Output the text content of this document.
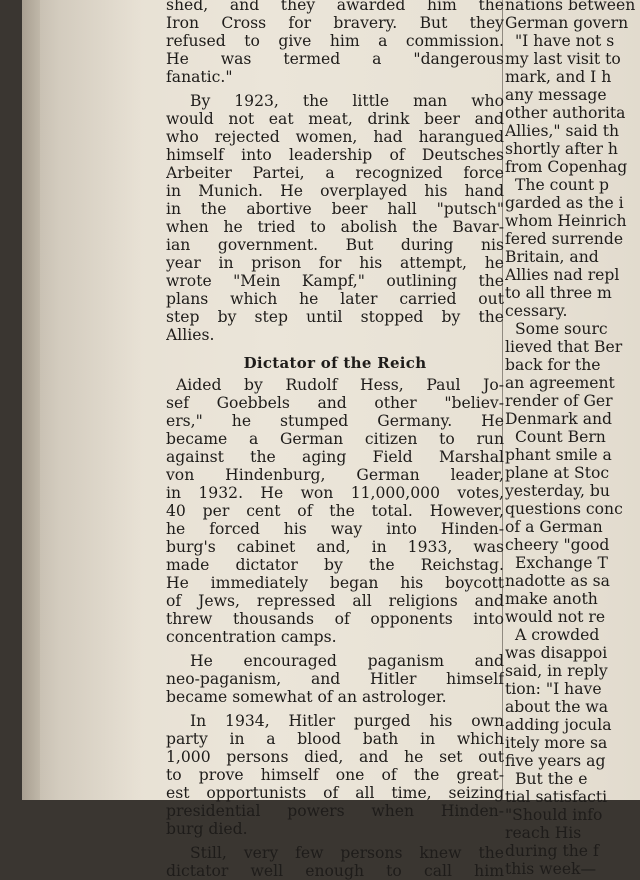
shed, and they awarded him the
Iron Cross for bravery. But they
refused to give him a commission.
He was termed a "dangerous
fanatic."
By 1923, the little man who
would not eat meat, drink beer and
who rejected women, had harangued
himself into leadership of Deutsches
Arbeiter Partei, a recognized force
in Munich. He overplayed his hand
in the abortive beer hall "putsch"
when he tried to abolish the Bavar-
ian government. But during nis
year in prison for his attempt, he
wrote "Mein Kampf," outlining the
plans which he later carried out
step by step until stopped by the
Allies.
Dictator of the Reich
Aided by Rudolf Hess, Paul Jo-
sef Goebbels and other "believ-
ers," he stumped Germany. He
became a German citizen to run
against the aging Field Marshal
von Hindenburg, German leader,
in 1932. He won 11,000,000 votes,
40 per cent of the total. However,
he forced his way into Hinden-
burg's cabinet and, in 1933, was
made dictator by the Reichstag.
He immediately began his boycott
of Jews, repressed all religions and
threw thousands of opponents into
concentration camps.
He encouraged paganism and
neo-paganism, and Hitler himself
became somewhat of an astrologer.
In 1934, Hitler purged his own
party in a blood bath in which
1,000 persons died, and he set out
to prove himself one of the great-
est opportunists of all time, seizing
presidential powers when Hinden-
burg died.
Still, very few persons knew the
dictator well enough to call him
nations between
German govern
"I have not s
my last visit to
mark, and I h
any message
other authorita
Allies," said th
shortly after h
from Copenhag
The count p
garded as the i
whom Heinrich
fered surrende
Britain, and
Allies nad repl
to all three m
cessary.
Some sourc
lieved that Ber
back for the
an agreement
render of Ger
Denmark and
Count Bern
phant smile a
plane at Stoc
yesterday, bu
questions conc
of a German
cheery "good
Exchange T
nadotte as sa
make anoth
would not re
A crowded
was disappoi
said, in reply
tion: "I have
about the wa
adding jocula
itely more sa
five years ag
But the e
tial satisfacti
"Should info
reach His
during the f
this week—
